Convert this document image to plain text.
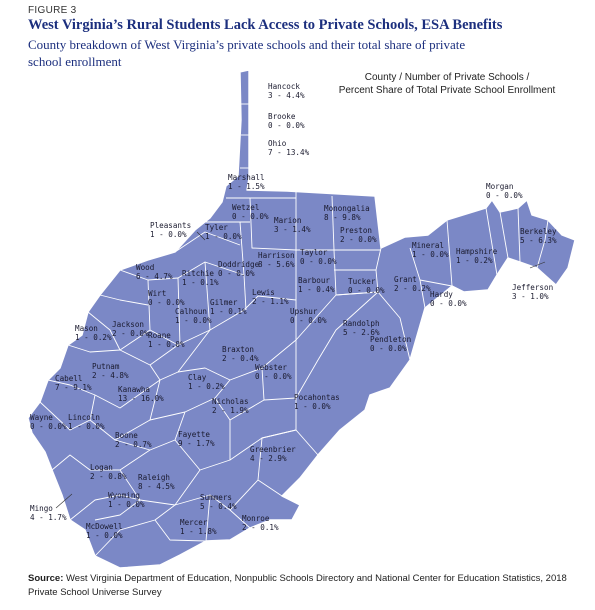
FIGURE 3
West Virginia’s Rural Students Lack Access to Private Schools, ESA Benefits
County breakdown of West Virginia’s private schools and their total share of private school enrollment
Hancock 3 - 4.4%
Brooke 0 - 0.0%
Ohio 7 - 13.4%
Marshall 1 - 1.5%
Wetzel 0 - 0.0%
Monongalia 8 - 9.8%
Marion 3 - 1.4%	Preston 2 - 0.0%
Pleasants 1 - 0.0%
Tyler 1 - 0.0%
Harrison 8 - 5.6%
Taylor 0 - 0.0%
Doddridge 0 - 0.0%
Wood 6 - 4.7% Ritchie 1 - 0.1%	Barbour 1 - 0.4%
Tucker 0 - 0.0%
Wirt 0 - 0.0%	Gilmer 1 - 0.1%
Lewis 2 - 1.1%
Calhoun 1 - 0.0%
Upshur 0 - 0.0%
Jackson 2 - 0.0%
Randolph 5 - 2.6%
Roane 1 - 0.0%
Mason 1 - 0.2%
Braxton 2 - 0.4%
Pendleton 0 - 0.0%
Putnam 2 - 4.8%
Webster 0 - 0.0%
Cabell 7 - 9.1%
Clay 1 - 0.2%
Kanawha 13 - 16.0%	Pocahontas 1 - 0.0%
Nicholas 2 - 1.9%
Wayne 0 - 0.0%
Lincoln 1 - 0.0%
Boone 2 - 0.7%
Fayette 9 - 1.7%
Greenbrier 4 - 2.9%
Logan 2 - 0.8% Raleigh 8 - 4.5%
Wyoming 1 - 0.0%
Mingo 4 - 1.7%
Summers 5 - 0.4%
Monroe 2 - 0.1%
McDowell 1 - 0.0%
Mercer 1 - 1.8%
Morgan 0 - 0.0%
Mineral 1 - 0.0% Hampshire 1 - 0.2%
Berkeley 5 - 6.3%
Grant 2 - 0.2%
Hardy 0 - 0.0%
Jefferson 3 - 1.0%
County / Number of Private Schools /
Percent Share of Total Private School Enrollment
Source: West Virginia Department of Education, Nonpublic Schools Directory and National Center for Education Statistics, 2018 Private School Universe Survey
